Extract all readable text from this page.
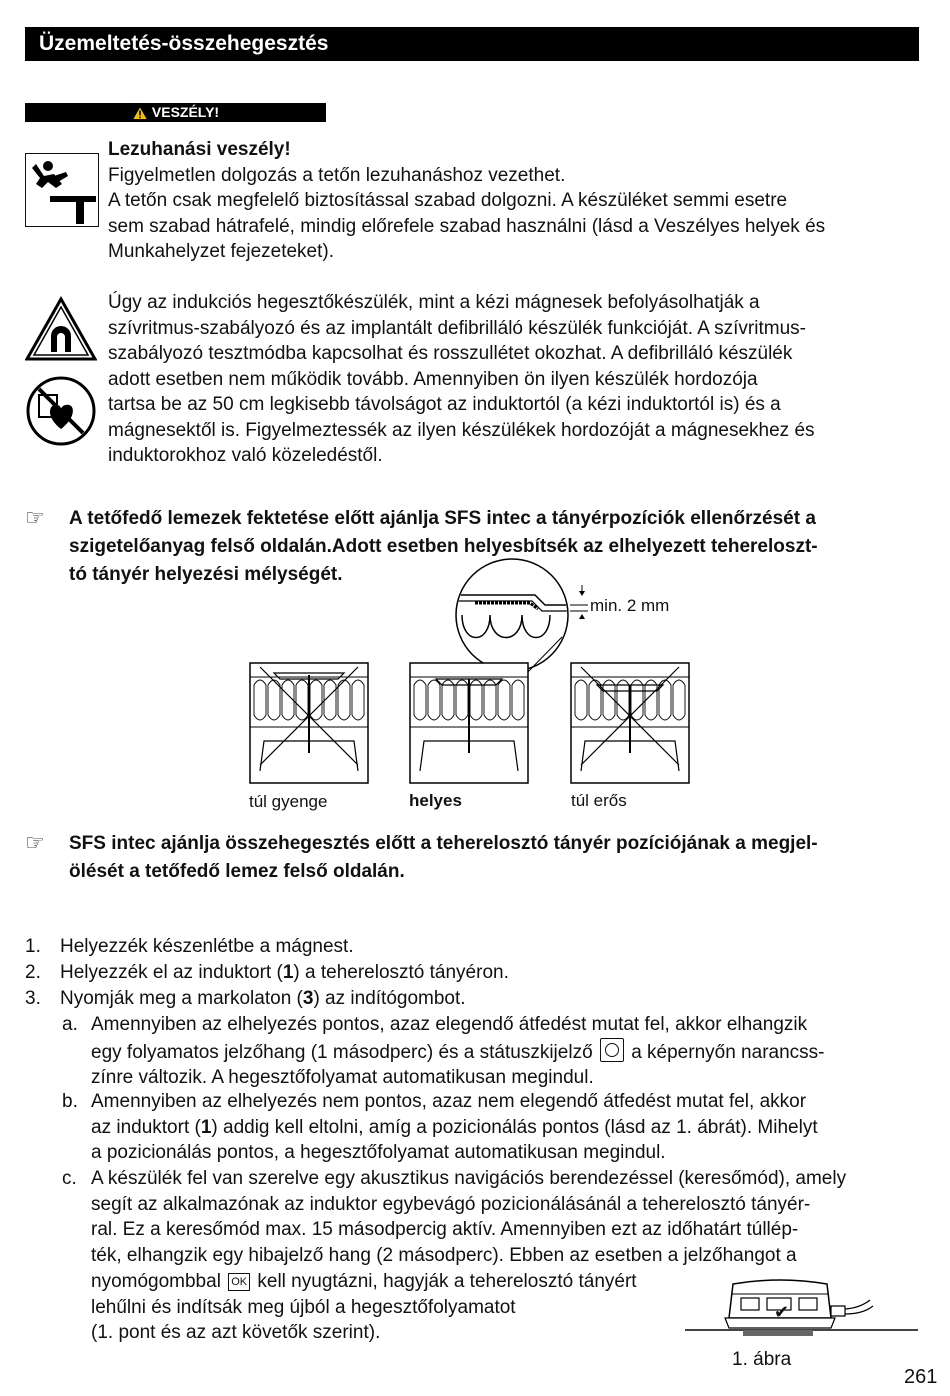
Üzemeltetés-összehegesztés
VESZÉLY!
Lezuhanási veszély!
Figyelmetlen dolgozás a tetőn lezuhanáshoz vezethet.
A tetőn csak megfelelő biztosítással szabad dolgozni. A készüléket semmi esetre
sem szabad hátrafelé, mindig előrefele szabad használni (lásd a Veszélyes helyek és
Munkahelyzet fejezeteket).
Úgy az indukciós hegesztőkészülék, mint a kézi mágnesek befolyásolhatják a
szívritmus-szabályozó és az implantált defibrilláló készülék funkcióját. A szívritmus-
szabályozó tesztmódba kapcsolhat és rosszullétet okozhat. A defibrilláló készülék
adott esetben nem működik tovább. Amennyiben ön ilyen készülék hordozója
tartsa be az 50 cm legkisebb távolságot az induktortól (a kézi induktortól is) és a
mágnesektől is. Figyelmeztessék az ilyen készülékek hordozóját a mágnesekhez és
induktorokhoz való közeledéstől.
☞ A tetőfedő lemezek fektetése előtt ajánlja SFS intec a tányérpozíciók ellenőrzését a
szigetelőanyag felső oldalán.Adott esetben helyesbítsék az elhelyezett tehereloszt-
tó tányér helyezési mélységét.
min. 2 mm
túl gyenge	helyes	túl erős
☞ SFS intec ajánlja összehegesztés előtt a teherelosztó tányér pozíciójának a megjel-
ölését a tetőfedő lemez felső oldalán.
1. Helyezzék készenlétbe a mágnest.
2. Helyezzék el az induktort (1) a teherelosztó tányéron.
3. Nyomják meg a markolaton (3) az indítógombot.
a. Amennyiben az elhelyezés pontos, azaz elegendő átfedést mutat fel, akkor elhangzik
egy folyamatos jelzőhang (1 másodperc) és a státuszkijelző a képernyőn narancss-
zínre változik. A hegesztőfolyamat automatikusan megindul.
b. Amennyiben az elhelyezés nem pontos, azaz nem elegendő átfedést mutat fel, akkor
az induktort (1) addig kell eltolni, amíg a pozicionálás pontos (lásd az 1. ábrát). Mihelyt
a pozicionálás pontos, a hegesztőfolyamat automatikusan megindul.
c. A készülék fel van szerelve egy akusztikus navigációs berendezéssel (keresőmód), amely
segít az alkalmazónak az induktor egybevágó pozicionálásánál a teherelosztó tányér-
ral. Ez a keresőmód max. 15 másodpercig aktív. Amennyiben ezt az időhatárt túllép-
ték, elhangzik egy hibajelző hang (2 másodperc). Ebben az esetben a jelzőhangot a
nyomógombbal OK kell nyugtázni, hagyják a teherelosztó tányért
lehűlni és indítsák meg újból a hegesztőfolyamatot
(1. pont és az azt követők szerint).
✔
1. ábra
261
